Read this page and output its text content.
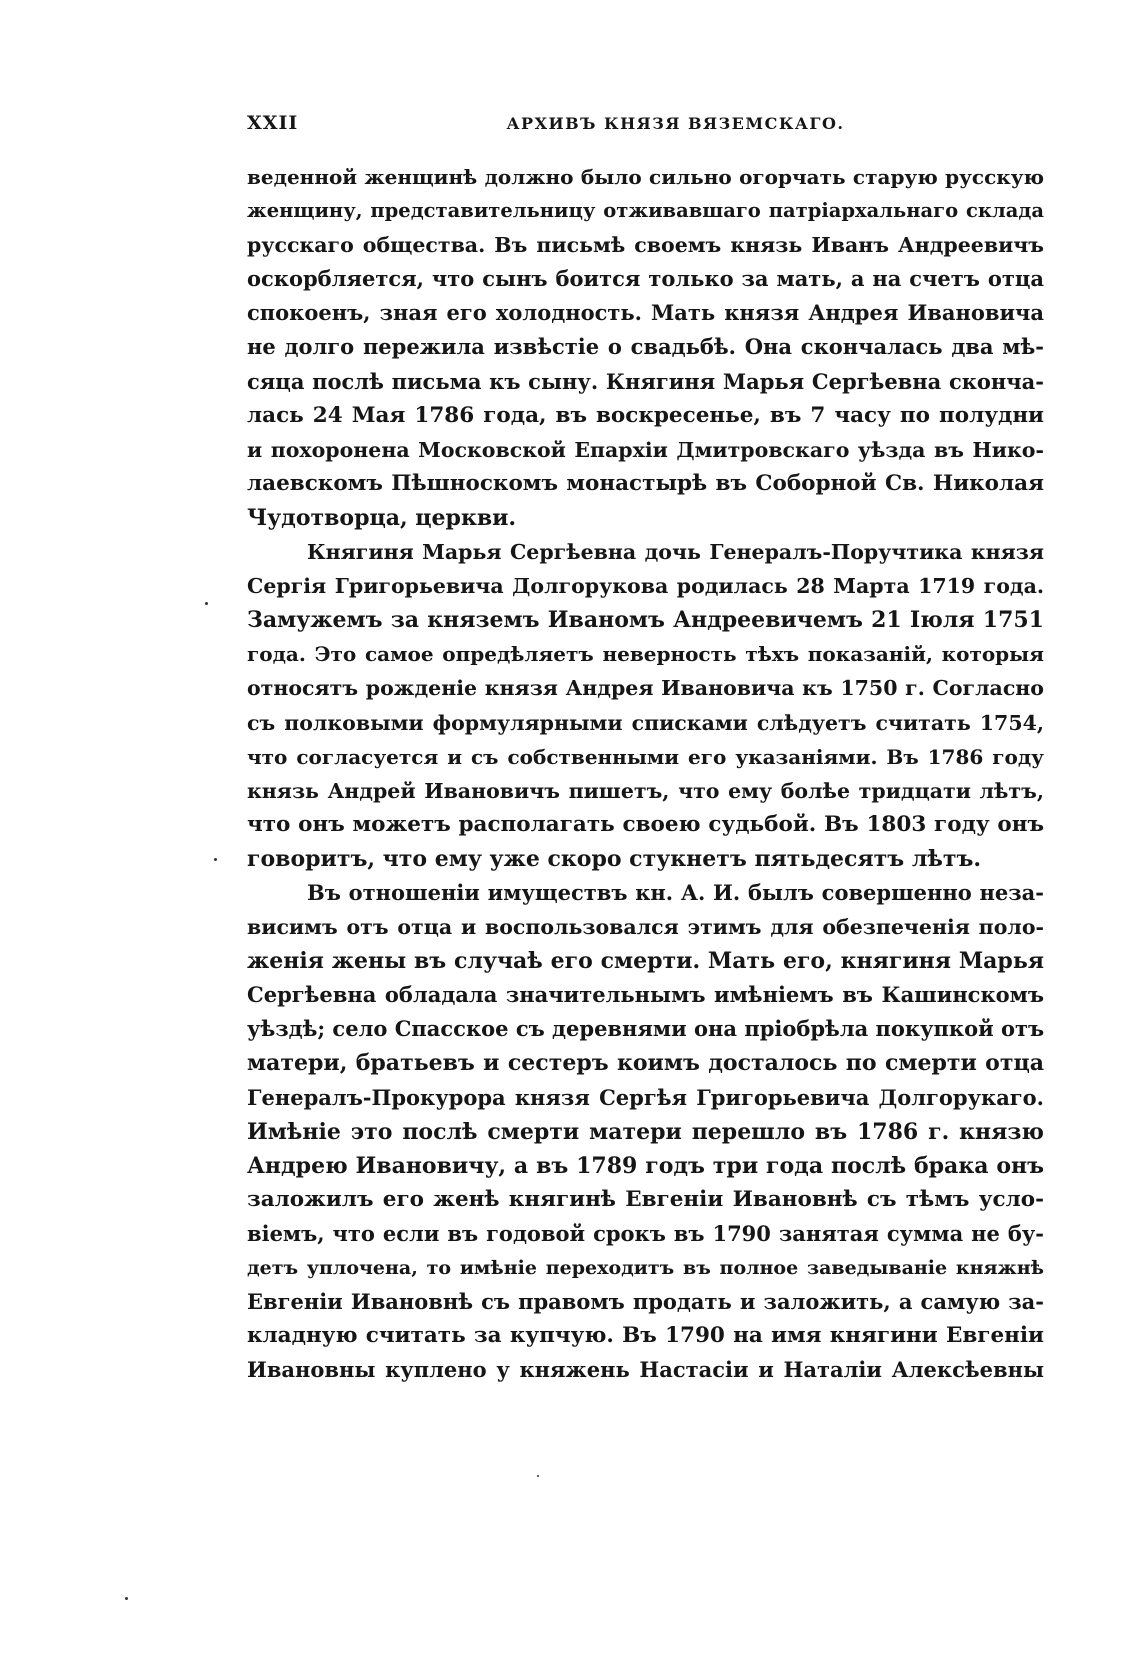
XXII	АРХИВЪ КНЯЗЯ ВЯЗЕМСКАГО.
веденной женщинѣ должно было сильно огорчать старую русскую
женщину, представительницу отживавшаго патріархальнаго склада
русскаго общества. Въ письмѣ своемъ князь Иванъ Андреевичъ
оскорбляется, что сынъ боится только за мать, а на счетъ отца
спокоенъ, зная его холодность. Мать князя Андрея Ивановича
не долго пережила извѣстіе о свадьбѣ. Она скончалась два мѣ-
сяца послѣ письма къ сыну. Княгиня Марья Сергѣевна сконча-
лась 24 Мая 1786 года, въ воскресенье, въ 7 часу по полудни
и похоронена Московской Епархіи Дмитровскаго уѣзда въ Нико-
лаевскомъ Пѣшноскомъ монастырѣ въ Соборной Св. Николая
Чудотворца, церкви.
Княгиня Марья Сергѣевна дочь Генералъ-Поручтика князя
Сергія Григорьевича Долгорукова родилась 28 Марта 1719 года.
Замужемъ за княземъ Иваномъ Андреевичемъ 21 Іюля 1751
года. Это самое опредѣляетъ неверность тѣхъ показаній, которыя
относятъ рожденіе князя Андрея Ивановича къ 1750 г. Согласно
съ полковыми формулярными списками слѣдуетъ считать 1754,
что согласуется и съ собственными его указаніями. Въ 1786 году
князь Андрей Ивановичъ пишетъ, что ему болѣе тридцати лѣтъ,
что онъ можетъ располагать своею судьбой. Въ 1803 году онъ
говоритъ, что ему уже скоро стукнетъ пятьдесятъ лѣтъ.
Въ отношеніи имуществъ кн. А. И. былъ совершенно неза-
висимъ отъ отца и воспользовался этимъ для обезпеченія поло-
женія жены въ случаѣ его смерти. Мать его, княгиня Марья
Сергѣевна обладала значительнымъ имѣніемъ въ Кашинскомъ
уѣздѣ; село Спасское съ деревнями она пріобрѣла покупкой отъ
матери, братьевъ и сестеръ коимъ досталось по смерти отца
Генералъ-Прокурора князя Сергѣя Григорьевича Долгорукаго.
Имѣніе это послѣ смерти матери перешло въ 1786 г. князю
Андрею Ивановичу, а въ 1789 годъ три года послѣ брака онъ
заложилъ его женѣ княгинѣ Евгеніи Ивановнѣ съ тѣмъ усло-
віемъ, что если въ годовой срокъ въ 1790 занятая сумма не бу-
детъ уплочена, то имѣніе переходитъ въ полное заведываніе княжнѣ
Евгеніи Ивановнѣ съ правомъ продать и заложить, а самую за-
кладную считать за купчую. Въ 1790 на имя княгини Евгеніи
Ивановны куплено у княжень Настасіи и Наталіи Алексѣевны
